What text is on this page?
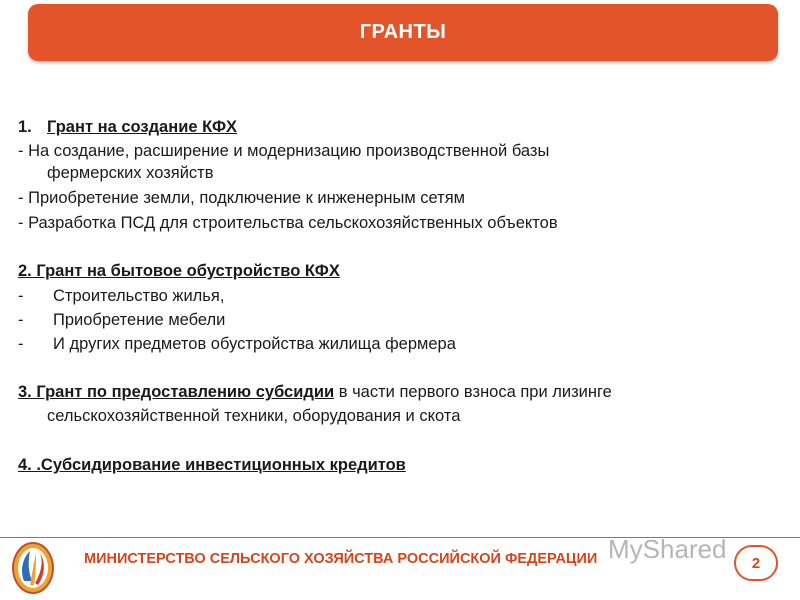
ГРАНТЫ
1. Грант на создание КФХ
- На создание, расширение и модернизацию производственной базы
фермерских хозяйств
- Приобретение земли, подключение к инженерным сетям
- Разработка ПСД для строительства сельскохозяйственных объектов
2. Грант на бытовое обустройство КФХ
- Строительство жилья,
- Приобретение мебели
- И других предметов обустройства жилища фермера
3. Грант по предоставлению субсидии в части первого взноса при лизинге
сельскохозяйственной техники, оборудования и скота
4. .Субсидирование инвестиционных кредитов
МИНИСТЕРСТВО СЕЛЬСКОГО ХОЗЯЙСТВА РОССИЙСКОЙ ФЕДЕРАЦИИ MyShared 2
